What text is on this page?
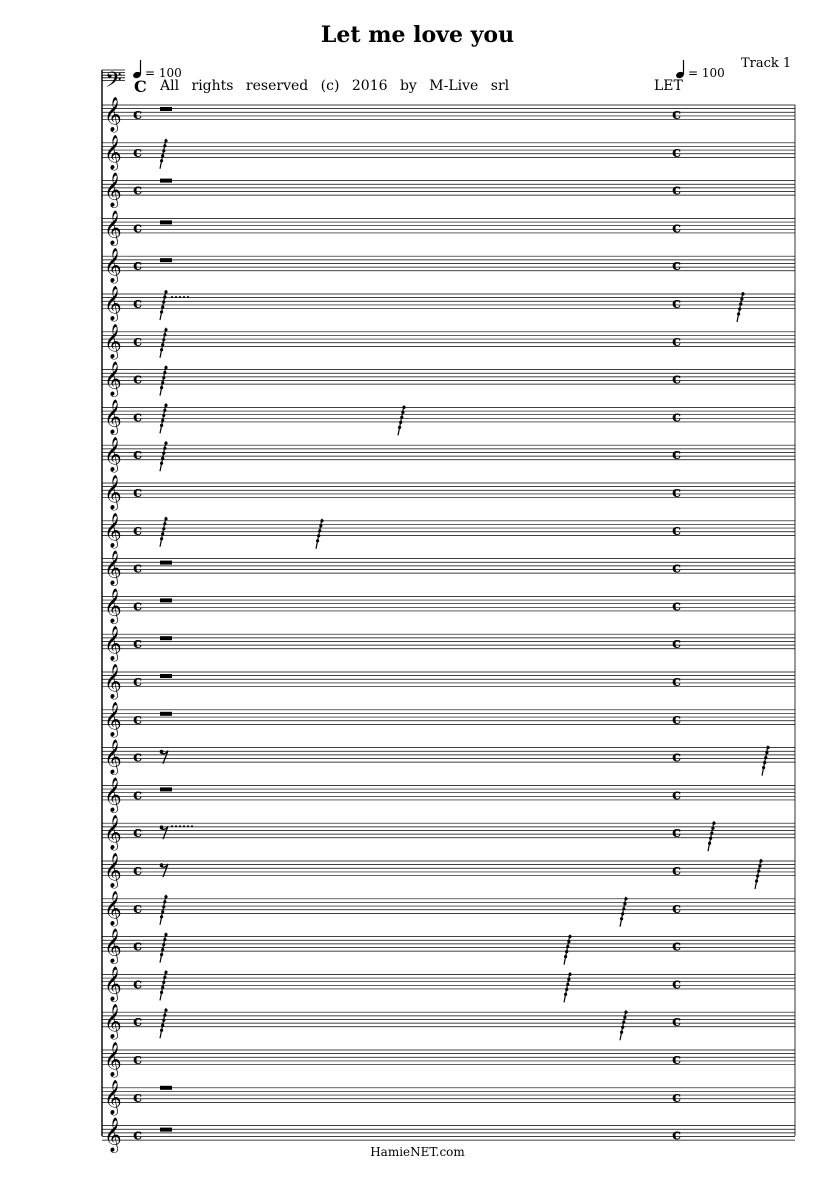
Let me love you
Track 1
= 100	= 100
All rights reserved (c) 2016 by M-Live srl	LET
𝄢 C
𝄞 c	c
𝄞 c	c
𝄞 c	c
𝄞 c	c
𝄞 c	c
𝄞 c	c
𝄞 c	c
𝄞 c	c
𝄞 c	c
𝄞 c	c
𝄞 c	c
𝄞 c	c
𝄞 c	c
𝄞 c	c
𝄞 c	c
𝄞 c	c
𝄞 c	c
𝄞 c	c
𝄞 c	c
𝄞 c	c
𝄞 c	c
𝄞 c	c
𝄞 c	c
𝄞 c	c
𝄞 c	c
𝄞 c	c
𝄞 c	c
𝄞 c	c
HamieNET.com
